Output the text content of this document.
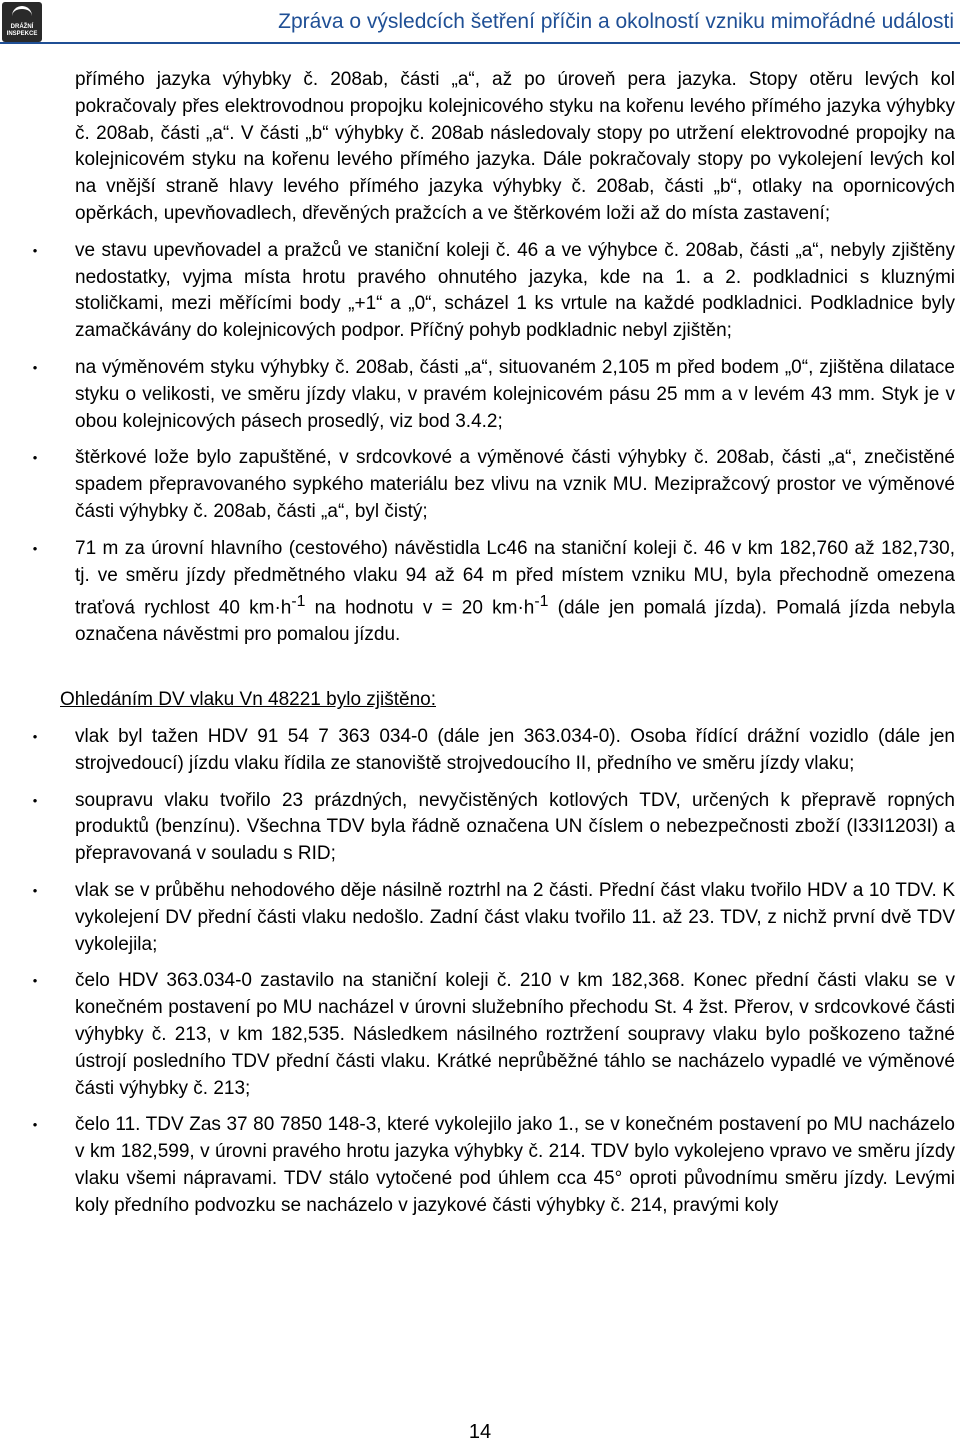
DRÁŽNÍ INSPEKCE
Zpráva o výsledcích šetření příčin a okolností vzniku mimořádné události

přímého jazyka výhybky č. 208ab, části „a“, až po úroveň pera jazyka. Stopy otěru levých kol pokračovaly přes elektrovodnou propojku kolejnicového styku na kořenu levého přímého jazyka výhybky č. 208ab, části „a“. V části „b“ výhybky č. 208ab následovaly stopy po utržení elektrovodné propojky na kolejnicovém styku na kořenu levého přímého jazyka. Dále pokračovaly stopy po vykolejení levých kol na vnější straně hlavy levého přímého jazyka výhybky č. 208ab, části „b“, otlaky na opornicových opěrkách, upevňovadlech, dřevěných pražcích a ve štěrkovém loži až do místa zastavení;

• ve stavu upevňovadel a pražců ve staniční koleji č. 46 a ve výhybce č. 208ab, části „a“, nebyly zjištěny nedostatky, vyjma místa hrotu pravého ohnutého jazyka, kde na 1. a 2. podkladnici s kluznými stoličkami, mezi měřícími body „+1“ a „0“, scházel 1 ks vrtule na každé podkladnici. Podkladnice byly zamačkávány do kolejnicových podpor. Příčný pohyb podkladnic nebyl zjištěn;
• na výměnovém styku výhybky č. 208ab, části „a“, situovaném 2,105 m před bodem „0“, zjištěna dilatace styku o velikosti, ve směru jízdy vlaku, v pravém kolejnicovém pásu 25 mm a v levém 43 mm. Styk je v obou kolejnicových pásech prosedlý, viz bod 3.4.2;
• štěrkové lože bylo zapuštěné, v srdcovkové a výměnové části výhybky č. 208ab, části „a“, znečistěné spadem přepravovaného sypkého materiálu bez vlivu na vznik MU. Mezipražcový prostor ve výměnové části výhybky č. 208ab, části „a“, byl čistý;
• 71 m za úrovní hlavního (cestového) návěstidla Lc46 na staniční koleji č. 46 v km 182,760 až 182,730, tj. ve směru jízdy předmětného vlaku 94 až 64 m před místem vzniku MU, byla přechodně omezena traťová rychlost 40 $km\cdot h^{-1}$ na hodnotu v = 20 $km\cdot h^{-1}$ (dále jen pomalá jízda). Pomalá jízda nebyla označena návěstmi pro pomalou jízdu.
Ohledáním DV vlaku Vn 48221 bylo zjištěno:
• vlak byl tažen HDV 91 54 7 363 034-0 (dále jen 363.034-0). Osoba řídící drážní vozidlo (dále jen strojvedoucí) jízdu vlaku řídila ze stanoviště strojvedoucího II, předního ve směru jízdy vlaku;
• soupravu vlaku tvořilo 23 prázdných, nevyčistěných kotlových TDV, určených k přepravě ropných produktů (benzínu). Všechna TDV byla řádně označena UN číslem o nebezpečnosti zboží (I33I1203I) a přepravovaná v souladu s RID;
• vlak se v průběhu nehodového děje násilně roztrhl na 2 části. Přední část vlaku tvořilo HDV a 10 TDV. K vykolejení DV přední části vlaku nedošlo. Zadní část vlaku tvořilo 11. až 23. TDV, z nichž první dvě TDV vykolejila;
• čelo HDV 363.034-0 zastavilo na staniční koleji č. 210 v km 182,368. Konec přední části vlaku se v konečném postavení po MU nacházel v úrovni služebního přechodu St. 4 žst. Přerov, v srdcovkové části výhybky č. 213, v km 182,535. Následkem násilného roztržení soupravy vlaku bylo poškozeno tažné ústrojí posledního TDV přední části vlaku. Krátké neprůběžné táhlo se nacházelo vypadlé ve výměnové části výhybky č. 213;
• čelo 11. TDV Zas 37 80 7850 148-3, které vykolejilo jako 1., se v konečném postavení po MU nacházelo v km 182,599, v úrovni pravého hrotu jazyka výhybky č. 214. TDV bylo vykolejeno vpravo ve směru jízdy vlaku všemi nápravami. TDV stálo vytočené pod úhlem cca 45° oproti původnímu směru jízdy. Levými koly předního podvozku se nacházelo v jazykové části výhybky č. 214, pravými koly
14
